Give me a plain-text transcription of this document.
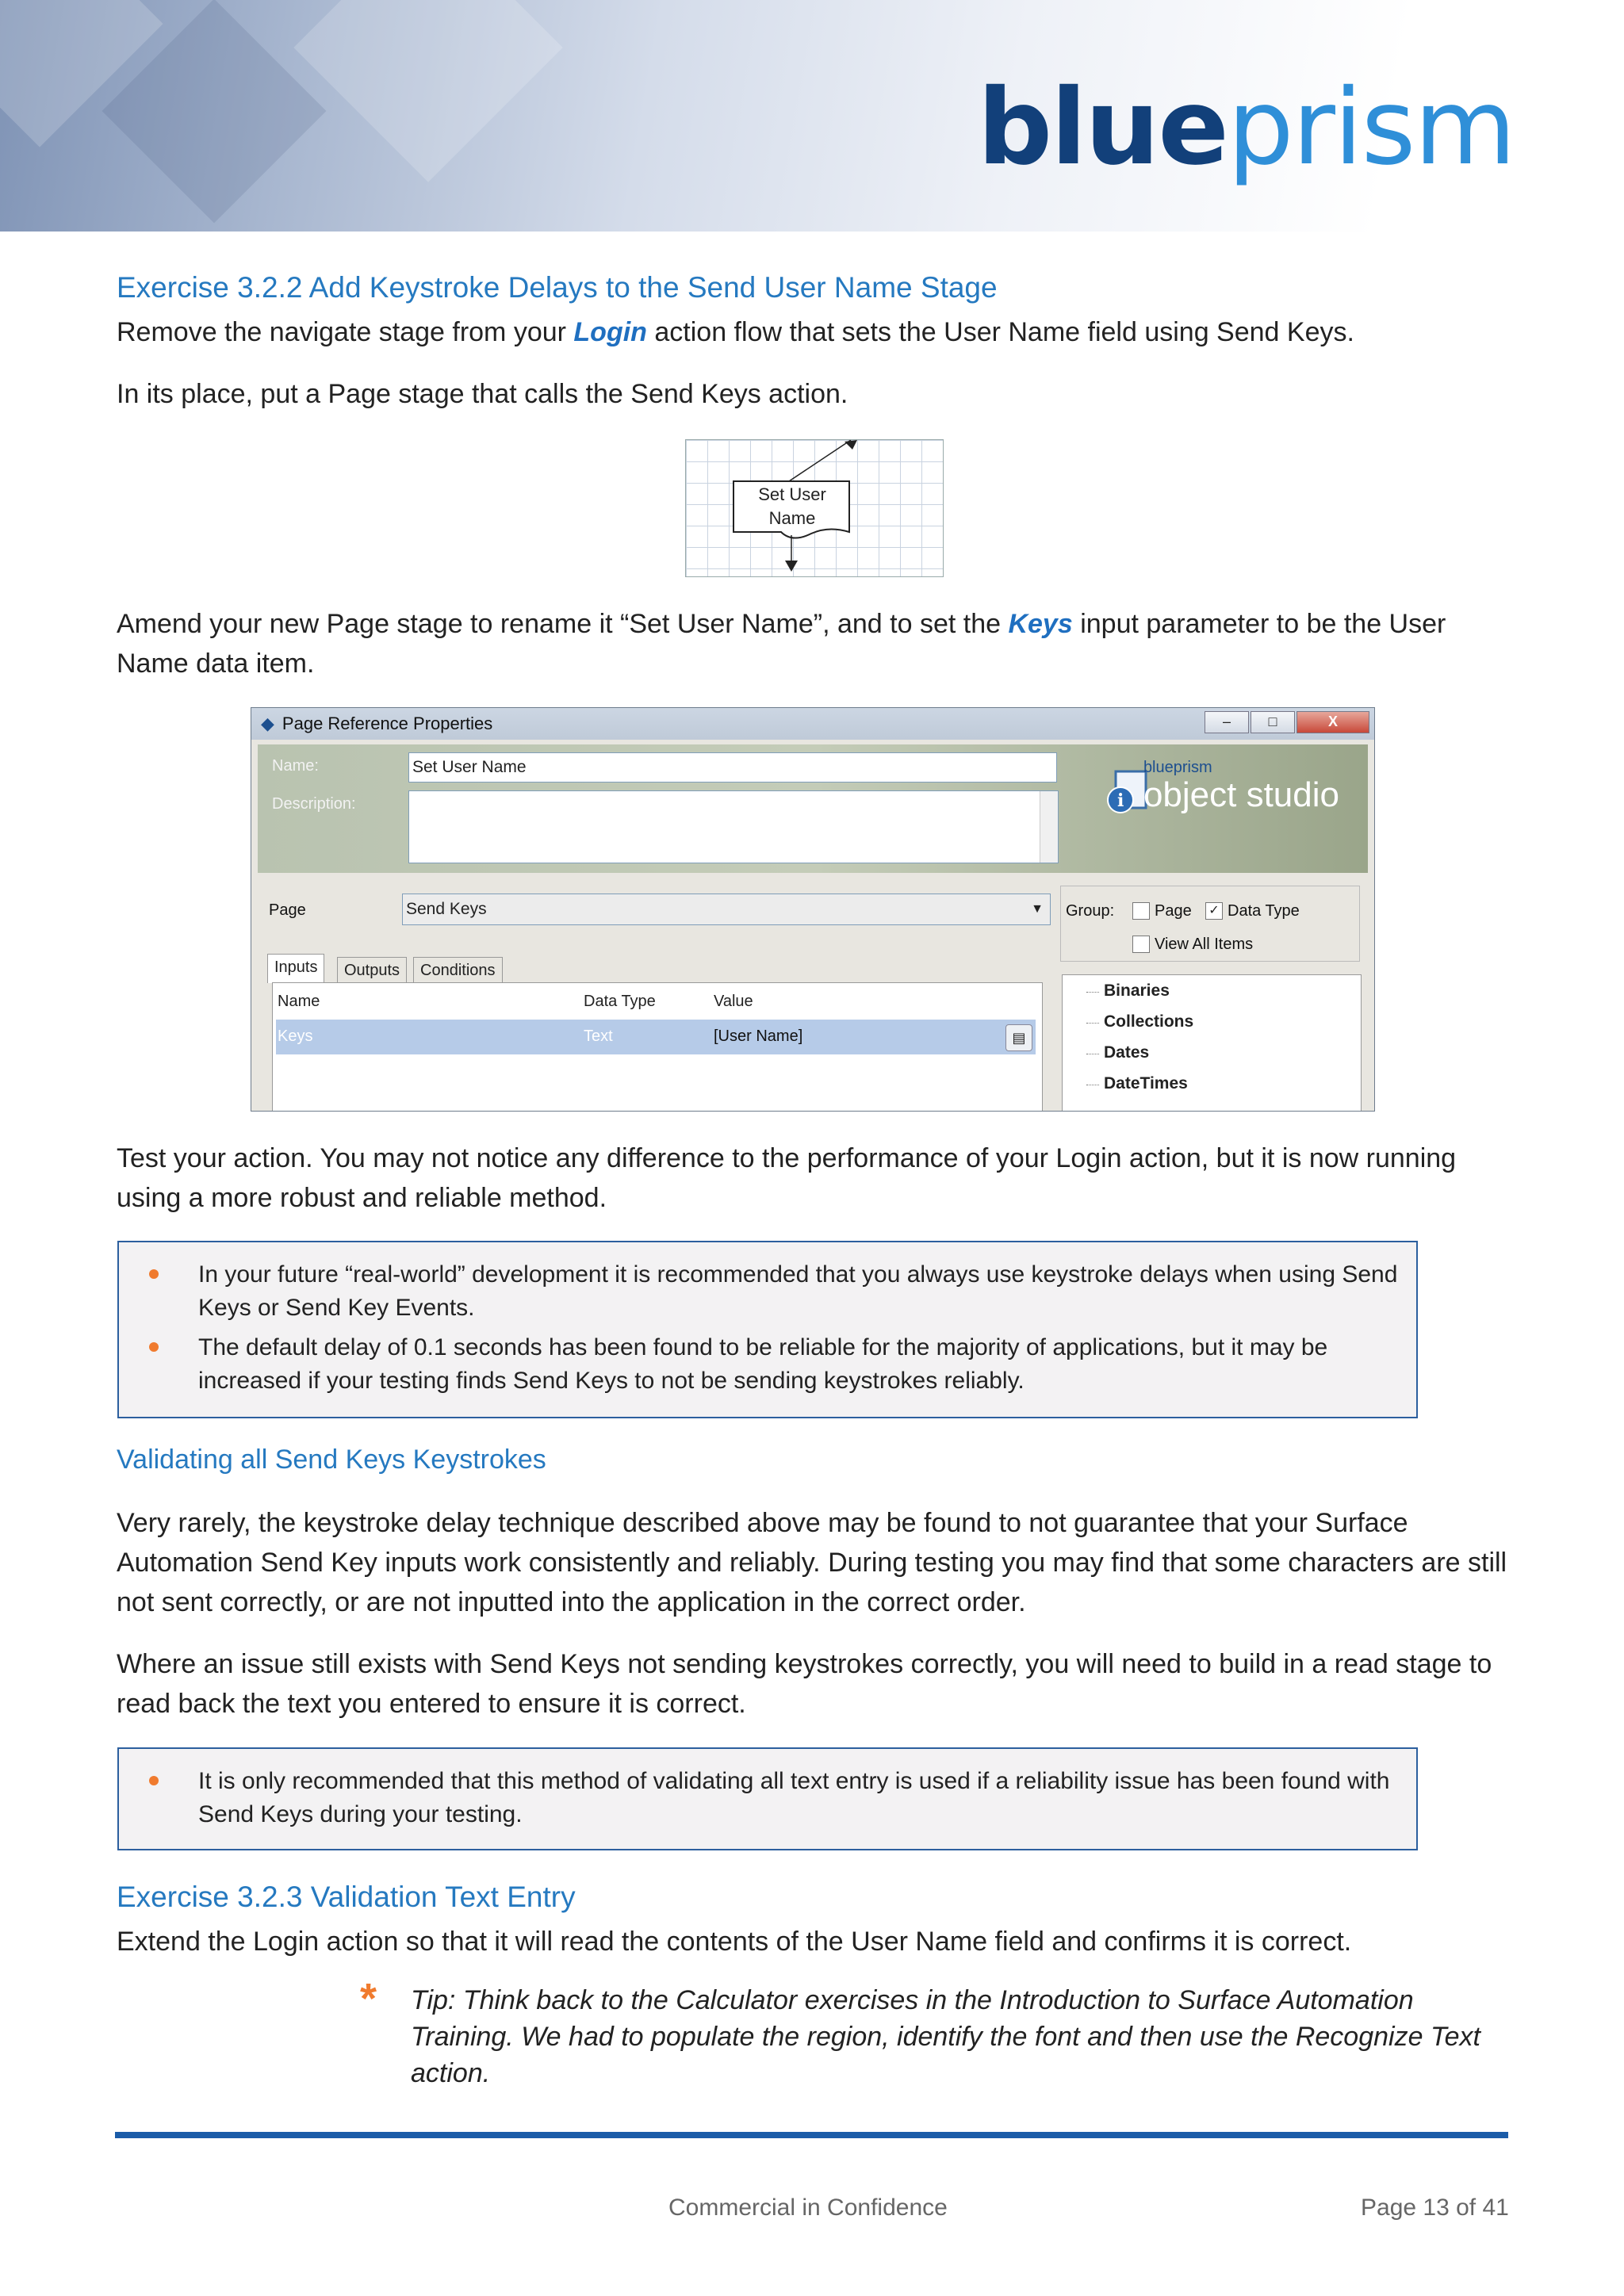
blueprism
Exercise 3.2.2 Add Keystroke Delays to the Send User Name Stage
Remove the navigate stage from your Login action flow that sets the User Name field using Send Keys.
In its place, put a Page stage that calls the Send Keys action.
Set User Name
Amend your new Page stage to rename it “Set User Name”, and to set the Keys input parameter to be the User Name data item.
◆ Page Reference Properties	–	□	X
Name:	Set User Name
Description:	i
blueprism
object studio
Page	Send Keys	▼ Group:	Page ✓ Data Type
View All Items
Inputs	Outputs	Conditions
Name	Data Type	Value
Keys	Text	[User Name]	▤
Binaries
Collections
Dates
DateTimes
Test your action. You may not notice any difference to the performance of your Login action, but it is now running using a more robust and reliable method.
In your future “real-world” development it is recommended that you always use keystroke delays when using Send Keys or Send Key Events.
The default delay of 0.1 seconds has been found to be reliable for the majority of applications, but it may be increased if your testing finds Send Keys to not be sending keystrokes reliably.
Validating all Send Keys Keystrokes
Very rarely, the keystroke delay technique described above may be found to not guarantee that your Surface Automation Send Key inputs work consistently and reliably. During testing you may find that some characters are still not sent correctly, or are not inputted into the application in the correct order.
Where an issue still exists with Send Keys not sending keystrokes correctly, you will need to build in a read stage to read back the text you entered to ensure it is correct.
It is only recommended that this method of validating all text entry is used if a reliability issue has been found with Send Keys during your testing.
Exercise 3.2.3 Validation Text Entry
Extend the Login action so that it will read the contents of the User Name field and confirms it is correct.
* Tip: Think back to the Calculator exercises in the Introduction to Surface Automation Training. We had to populate the region, identify the font and then use the Recognize Text action.
Commercial in Confidence	Page 13 of 41
